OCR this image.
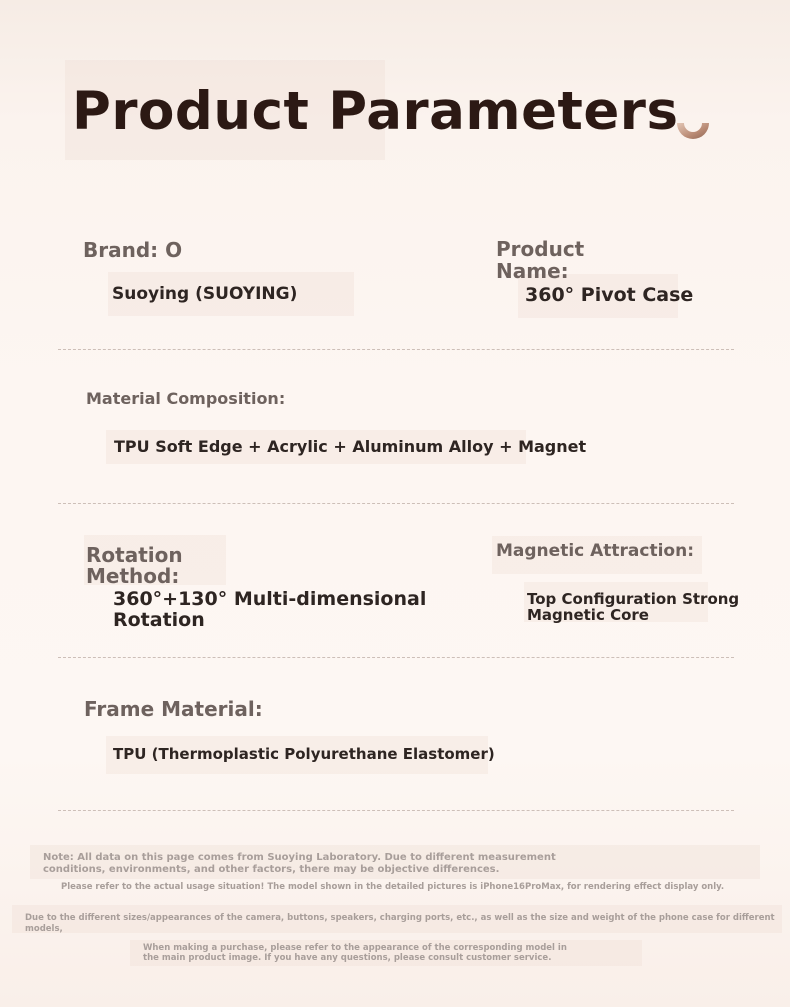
Product Parameters

Brand: O

Suoying (SUOYING)

Product
Name:

360° Pivot Case

Material Composition:

TPU Soft Edge + Acrylic + Aluminum Alloy + Magnet

Rotation
Method:

360°+130° Multi-dimensional
Rotation

Magnetic Attraction:

Top Configuration Strong
Magnetic Core

Frame Material:

TPU (Thermoplastic Polyurethane Elastomer)

Note: All data on this page comes from Suoying Laboratory. Due to different measurement
conditions, environments, and other factors, there may be objective differences.

Please refer to the actual usage situation! The model shown in the detailed pictures is iPhone16ProMax, for rendering effect display only.

Due to the different sizes/appearances of the camera, buttons, speakers, charging ports, etc., as well as the size and weight of the phone case for different models,

When making a purchase, please refer to the appearance of the corresponding model in
the main product image. If you have any questions, please consult customer service.
